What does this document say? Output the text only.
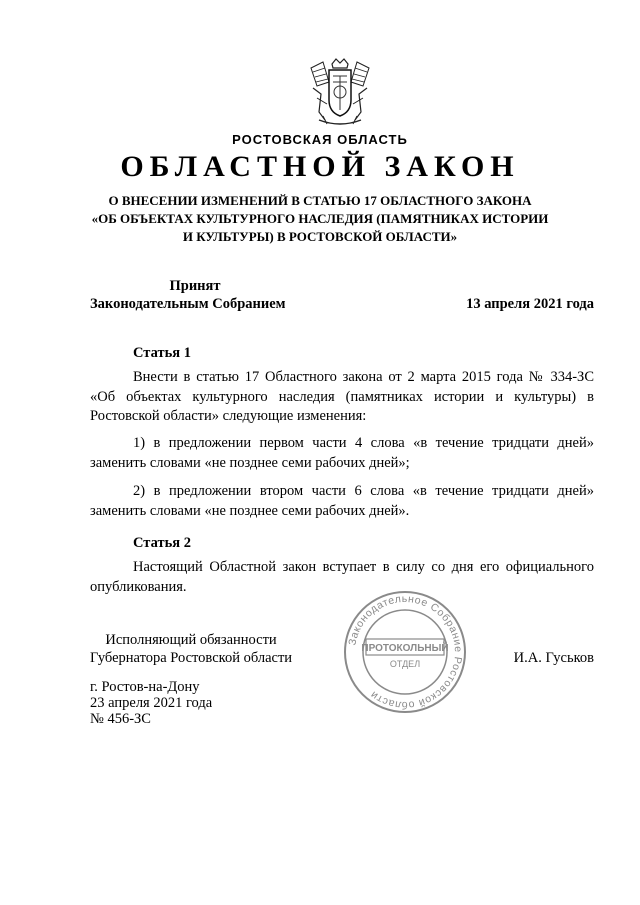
РОСТОВСКАЯ ОБЛАСТЬ
ОБЛАСТНОЙ ЗАКОН
О ВНЕСЕНИИ ИЗМЕНЕНИЙ В СТАТЬЮ 17 ОБЛАСТНОГО ЗАКОНА
«ОБ ОБЪЕКТАХ КУЛЬТУРНОГО НАСЛЕДИЯ (ПАМЯТНИКАХ ИСТОРИИ
И КУЛЬТУРЫ) В РОСТОВСКОЙ ОБЛАСТИ»
Принят
Законодательным Собранием	13 апреля 2021 года
Статья 1

Внести в статью 17 Областного закона от 2 марта 2015 года № 334-ЗС «Об объектах культурного наследия (памятниках истории и культуры) в Ростовской области» следующие изменения:

1) в предложении первом части 4 слова «в течение тридцати дней» заменить словами «не позднее семи рабочих дней»;

2) в предложении втором части 6 слова «в течение тридцати дней» заменить словами «не позднее семи рабочих дней».

Статья 2

Настоящий Областной закон вступает в силу со дня его официального опубликования.

Законодательное Собрание Ростовской области
ПРОТОКОЛЬНЫЙ
ОТДЕЛ
Исполняющий обязанности
Губернатора Ростовской области	И.А. Гуськов
г. Ростов-на-Дону
23 апреля 2021 года
№ 456-ЗС
